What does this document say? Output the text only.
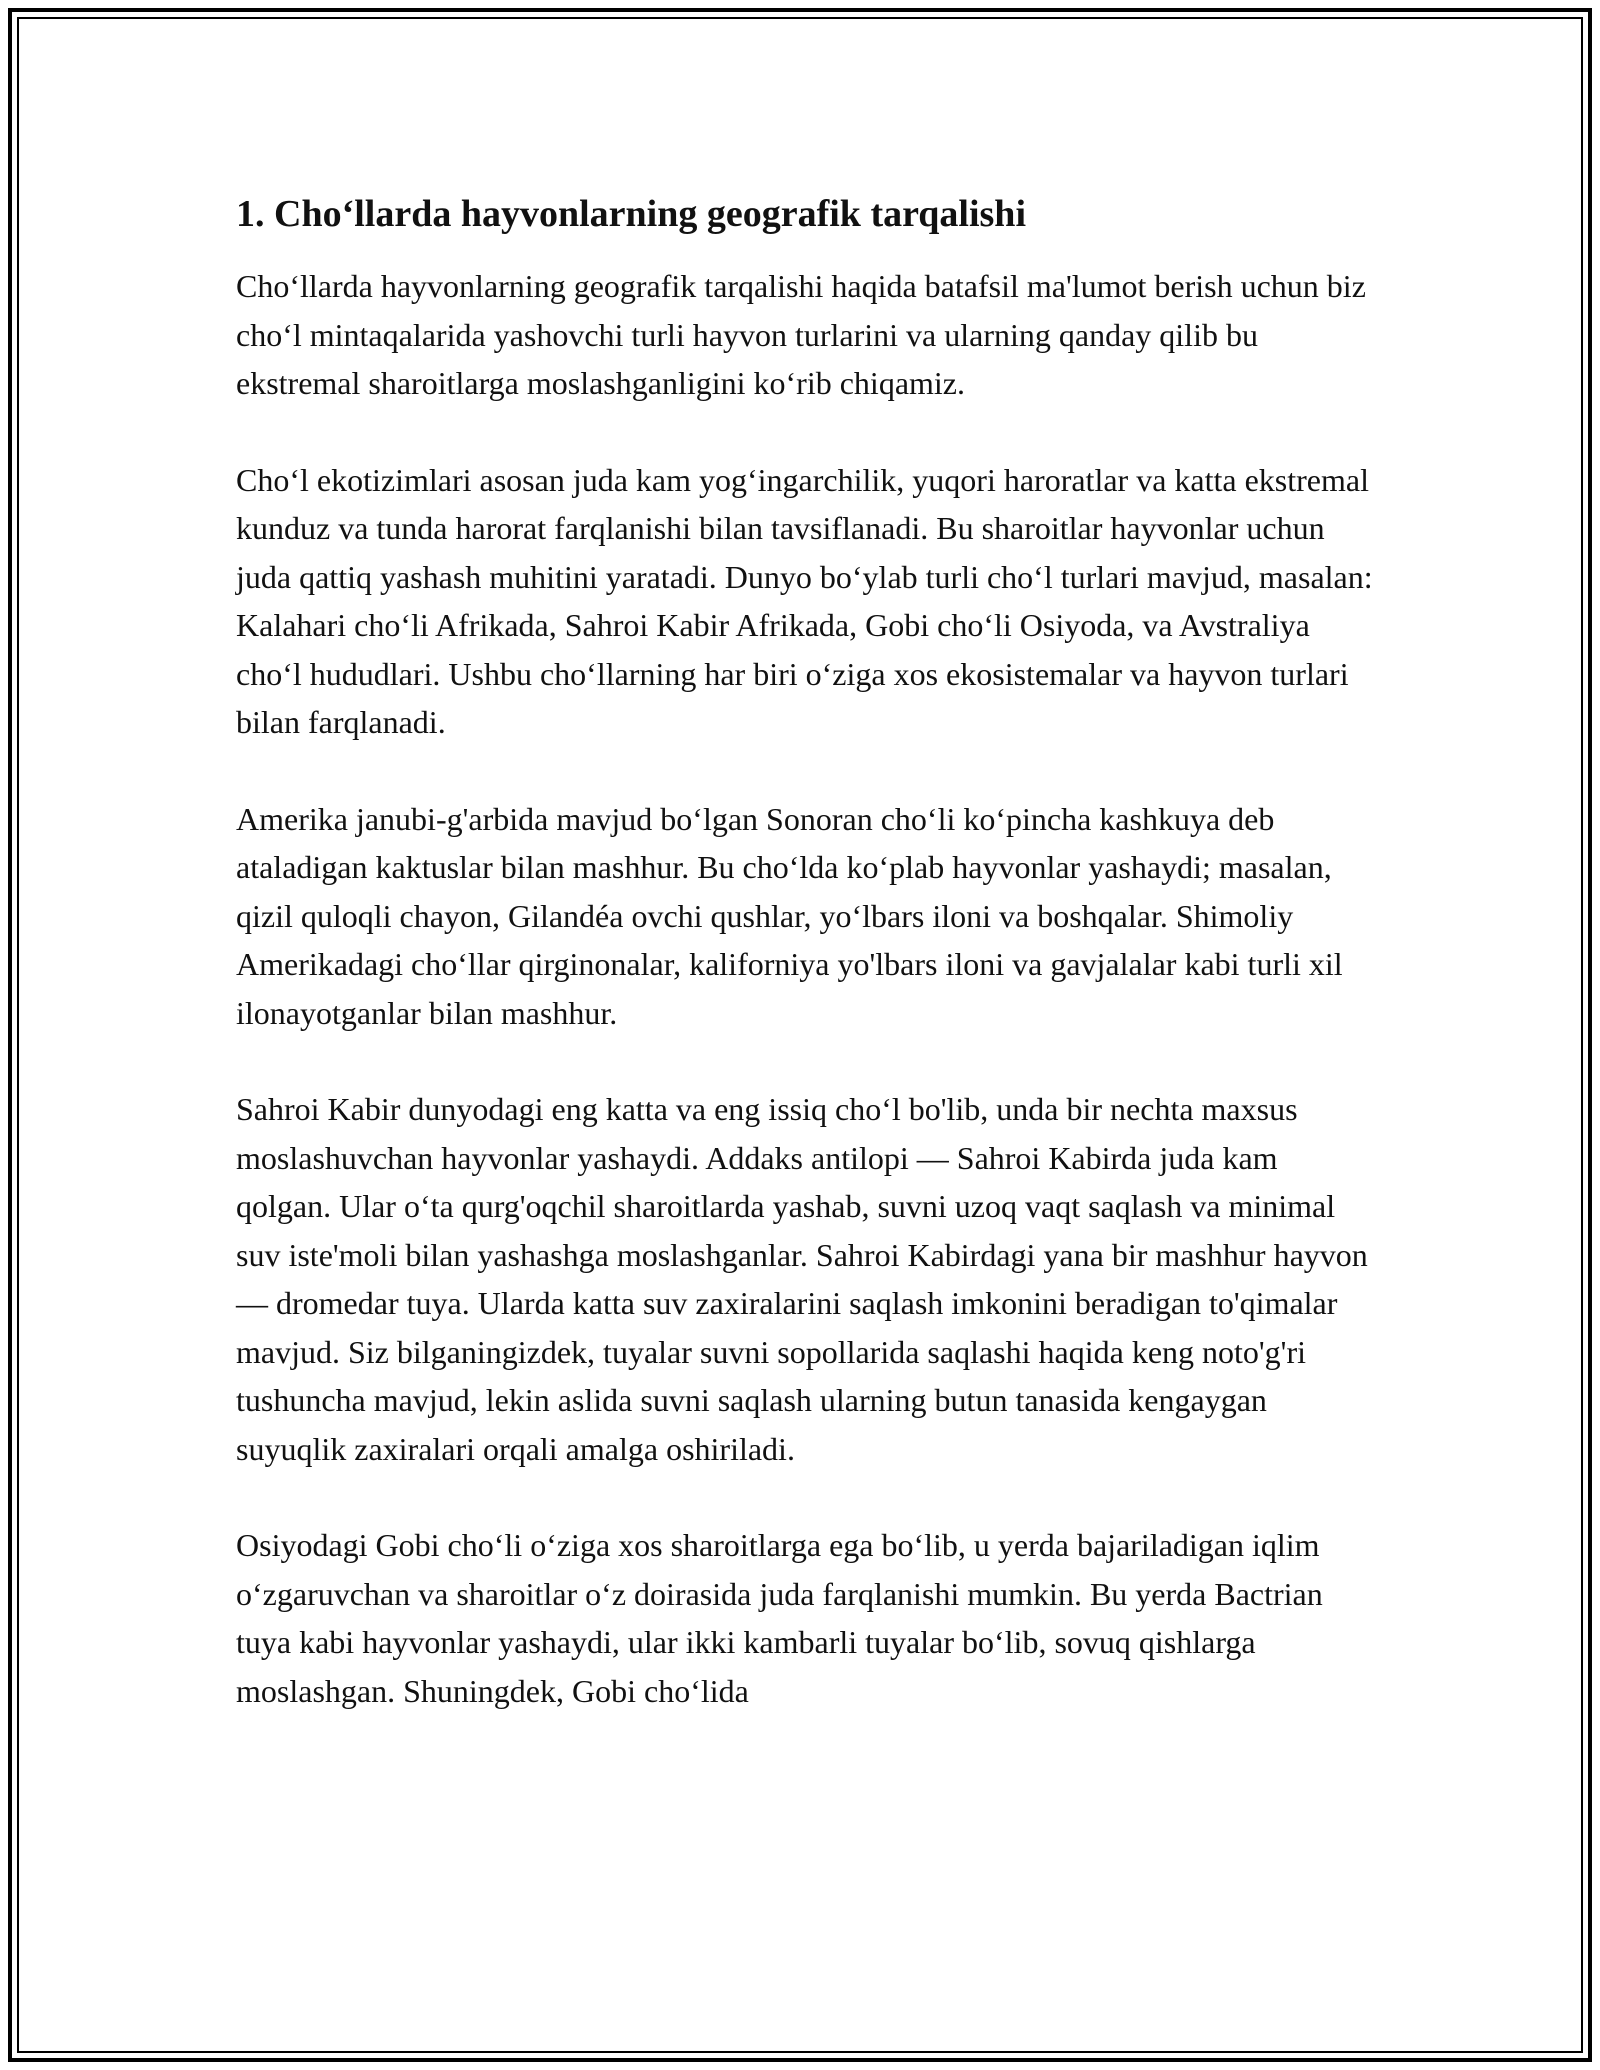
1. Cho‘llarda hayvonlarning geografik tarqalishi

Cho‘llarda hayvonlarning geografik tarqalishi haqida batafsil ma'lumot berish uchun biz cho‘l mintaqalarida yashovchi turli hayvon turlarini va ularning qanday qilib bu ekstremal sharoitlarga moslashganligini ko‘rib chiqamiz.

Cho‘l ekotizimlari asosan juda kam yog‘ingarchilik, yuqori haroratlar va katta ekstremal kunduz va tunda harorat farqlanishi bilan tavsiflanadi. Bu sharoitlar hayvonlar uchun juda qattiq yashash muhitini yaratadi. Dunyo bo‘ylab turli cho‘l turlari mavjud, masalan: Kalahari cho‘li Afrikada, Sahroi Kabir Afrikada, Gobi cho‘li Osiyoda, va Avstraliya cho‘l hududlari. Ushbu cho‘llarning har biri o‘ziga xos ekosistemalar va hayvon turlari bilan farqlanadi.

Amerika janubi-g'arbida mavjud bo‘lgan Sonoran cho‘li ko‘pincha kashkuya deb ataladigan kaktuslar bilan mashhur. Bu cho‘lda ko‘plab hayvonlar yashaydi; masalan, qizil quloqli chayon, Gilandéa ovchi qushlar, yo‘lbars iloni va boshqalar. Shimoliy Amerikadagi cho‘llar qirginonalar, kaliforniya yo'lbars iloni va gavjalalar kabi turli xil ilonayotganlar bilan mashhur.

Sahroi Kabir dunyodagi eng katta va eng issiq cho‘l bo'lib, unda bir nechta maxsus moslashuvchan hayvonlar yashaydi. Addaks antilopi — Sahroi Kabirda juda kam qolgan. Ular o‘ta qurg'oqchil sharoitlarda yashab, suvni uzoq vaqt saqlash va minimal suv iste'moli bilan yashashga moslashganlar. Sahroi Kabirdagi yana bir mashhur hayvon — dromedar tuya. Ularda katta suv zaxiralarini saqlash imkonini beradigan to'qimalar mavjud. Siz bilganingizdek, tuyalar suvni sopollarida saqlashi haqida keng noto'g'ri tushuncha mavjud, lekin aslida suvni saqlash ularning butun tanasida kengaygan suyuqlik zaxiralari orqali amalga oshiriladi.

Osiyodagi Gobi cho‘li o‘ziga xos sharoitlarga ega bo‘lib, u yerda bajariladigan iqlim o‘zgaruvchan va sharoitlar o‘z doirasida juda farqlanishi mumkin. Bu yerda Bactrian tuya kabi hayvonlar yashaydi, ular ikki kambarli tuyalar bo‘lib, sovuq qishlarga moslashgan. Shuningdek, Gobi cho‘lida
